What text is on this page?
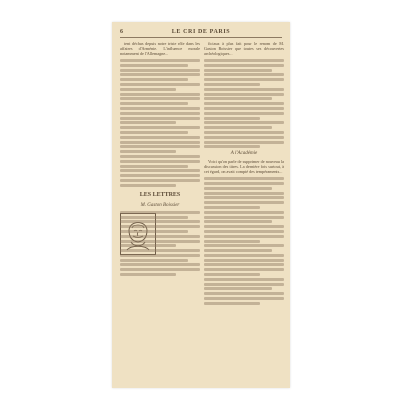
6	LE CRI DE PARIS

tent déchus depuis notre triste rôle dans les affaires d'Arménie. L'influence morale notamment de l'Allemagne...

LES LETTRES
M. Gaston Boissier

ficiaux à plus fait pour le renom de M. Gaston Boissier que toutes ses découvertes archéologiques...

A l'Académie

Voici qu'on parle de supprimer de nouveau la discussion des titres. La dernière fois surtout, à cet égard, on avait compté des tempéraments...
